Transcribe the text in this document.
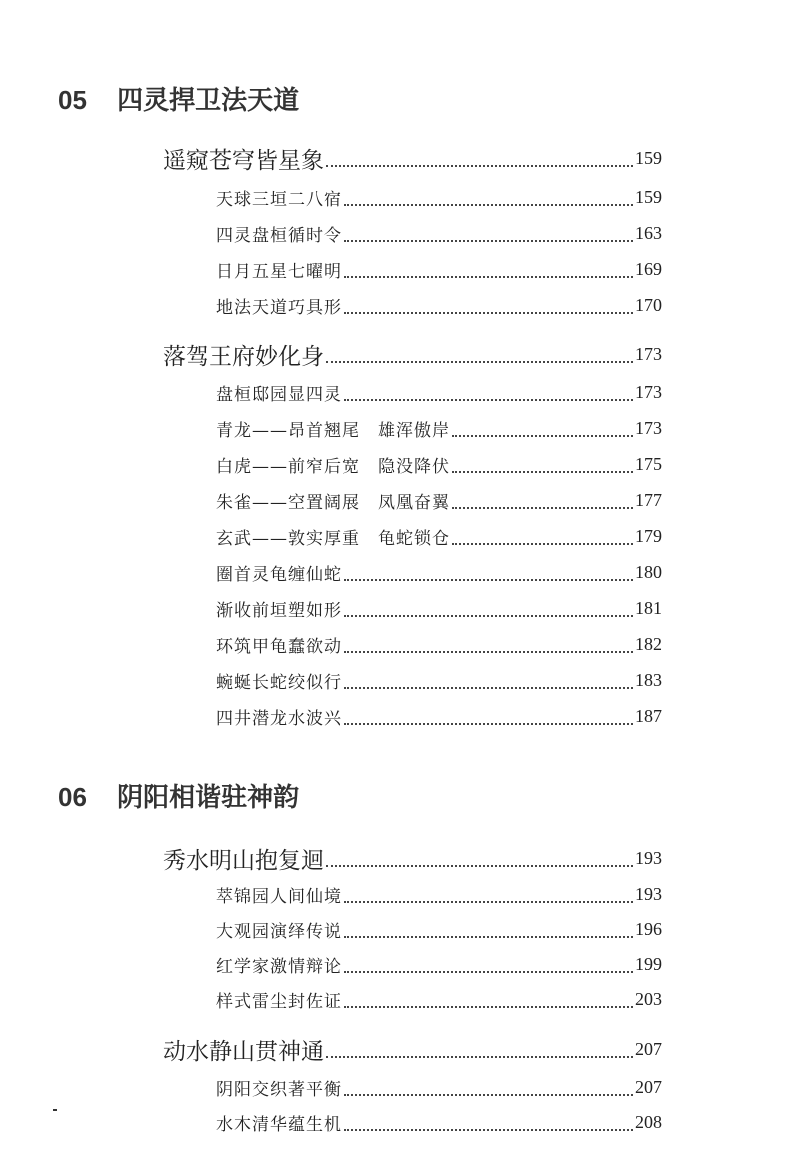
05 四灵捍卫法天道
遥窥苍穹皆星象	159
天球三垣二八宿	159
四灵盘桓循时令	163
日月五星七曜明	169
地法天道巧具形	170
落驾王府妙化身	173
盘桓邸园显四灵	173
青龙——昂首翘尾　雄浑傲岸	173
白虎——前窄后宽　隐没降伏	175
朱雀——空置阔展　凤凰奋翼	177
玄武——敦实厚重　龟蛇锁仓	179
圈首灵龟缠仙蛇	180
渐收前垣塑如形	181
环筑甲龟蠢欲动	182
蜿蜒长蛇绞似行	183
四井潜龙水波兴	187
06 阴阳相谐驻神韵
秀水明山抱复迴	193
萃锦园人间仙境	193
大观园演绎传说	196
红学家激情辩论	199
样式雷尘封佐证	203
动水静山贯神通	207
阴阳交织著平衡	207
水木清华蕴生机	208
